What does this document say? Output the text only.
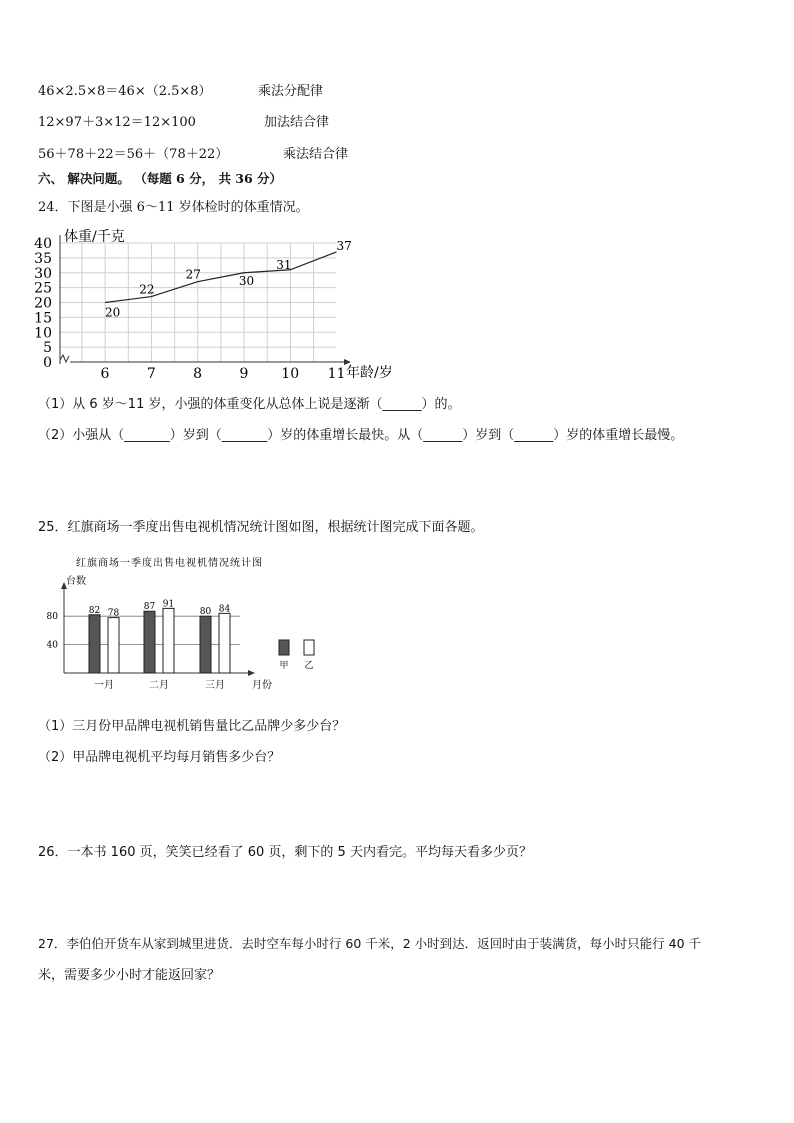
46×2.5×8＝46×（2.5×8）	乘法分配律
12×97＋3×12＝12×100	加法结合律
56＋78＋22＝56＋（78＋22）	乘法结合律
六、 解决问题。 （每题 6 分， 共 36 分）
24．下图是小强 6～11 岁体检时的体重情况。
0
5
10
15
20
25
30
35
40
6	7	8	9 10 11
20
22
27	30
31
37
体重/千克
年龄/岁
（1）从 6 岁～11 岁，小强的体重变化从总体上说是逐渐（______）的。
（2）小强从（_______）岁到（_______）岁的体重增长最快。从（______）岁到（______）岁的体重增长最慢。
25．红旗商场一季度出售电视机情况统计图如图，根据统计图完成下面各题。
红旗商场一季度出售电视机情况统计图
台数
月份
40
80
82 78
一月
87 91
二月
80 84
三月
甲 乙
（1）三月份甲品牌电视机销售量比乙品牌少多少台？
（2）甲品牌电视机平均每月销售多少台？
26．一本书 160 页，笑笑已经看了 60 页，剩下的 5 天内看完。平均每天看多少页？
27．李伯伯开货车从家到城里进货．去时空车每小时行 60 千米，2 小时到达．返回时由于装满货，每小时只能行 40 千
米，需要多少小时才能返回家？
